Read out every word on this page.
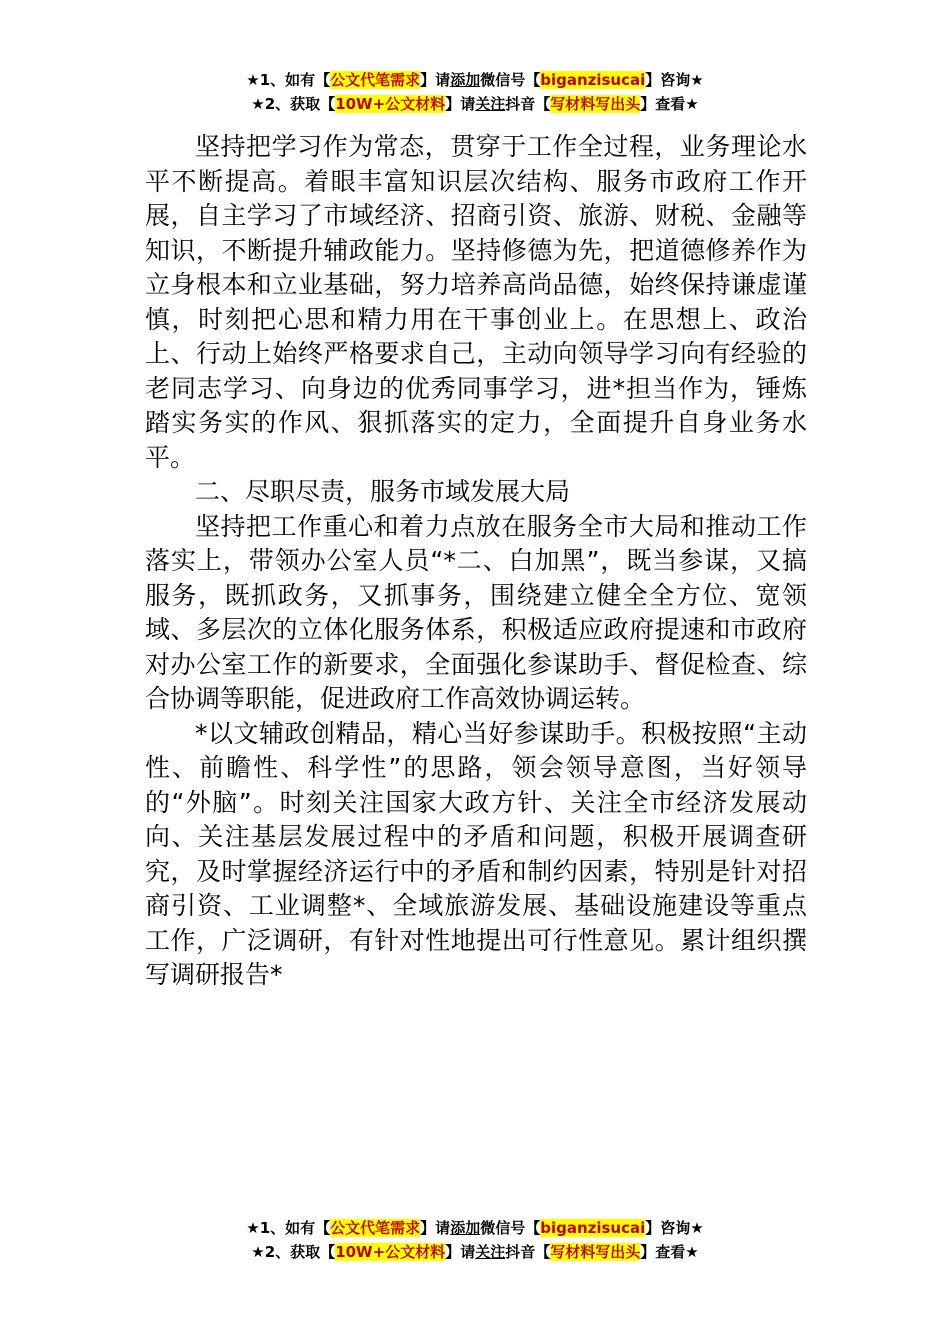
★1、如有【公文代笔需求】请添加微信号【biganzisucai】咨询★
★2、获取【10W+公文材料】请关注抖音【写材料写出头】查看★

坚持把学习作为常态，贯穿于工作全过程，业务理论水平不断提高。着眼丰富知识层次结构、服务市政府工作开展，自主学习了市域经济、招商引资、旅游、财税、金融等知识，不断提升辅政能力。坚持修德为先，把道德修养作为立身根本和立业基础，努力培养高尚品德，始终保持谦虚谨慎，时刻把心思和精力用在干事创业上。在思想上、政治上、行动上始终严格要求自己，主动向领导学习向有经验的老同志学习、向身边的优秀同事学习，进*担当作为，锤炼踏实务实的作风、狠抓落实的定力，全面提升自身业务水平。

二、尽职尽责，服务市域发展大局

坚持把工作重心和着力点放在服务全市大局和推动工作落实上，带领办公室人员“*二、白加黑”，既当参谋，又搞服务，既抓政务，又抓事务，围绕建立健全全方位、宽领域、多层次的立体化服务体系，积极适应政府提速和市政府对办公室工作的新要求，全面强化参谋助手、督促检查、综合协调等职能，促进政府工作高效协调运转。

*以文辅政创精品，精心当好参谋助手。积极按照“主动性、前瞻性、科学性”的思路，领会领导意图，当好领导的“外脑”。时刻关注国家大政方针、关注全市经济发展动向、关注基层发展过程中的矛盾和问题，积极开展调查研究，及时掌握经济运行中的矛盾和制约因素，特别是针对招商引资、工业调整*、全域旅游发展、基础设施建设等重点工作，广泛调研，有针对性地提出可行性意见。累计组织撰写调研报告*

★1、如有【公文代笔需求】请添加微信号【biganzisucai】咨询★
★2、获取【10W+公文材料】请关注抖音【写材料写出头】查看★
